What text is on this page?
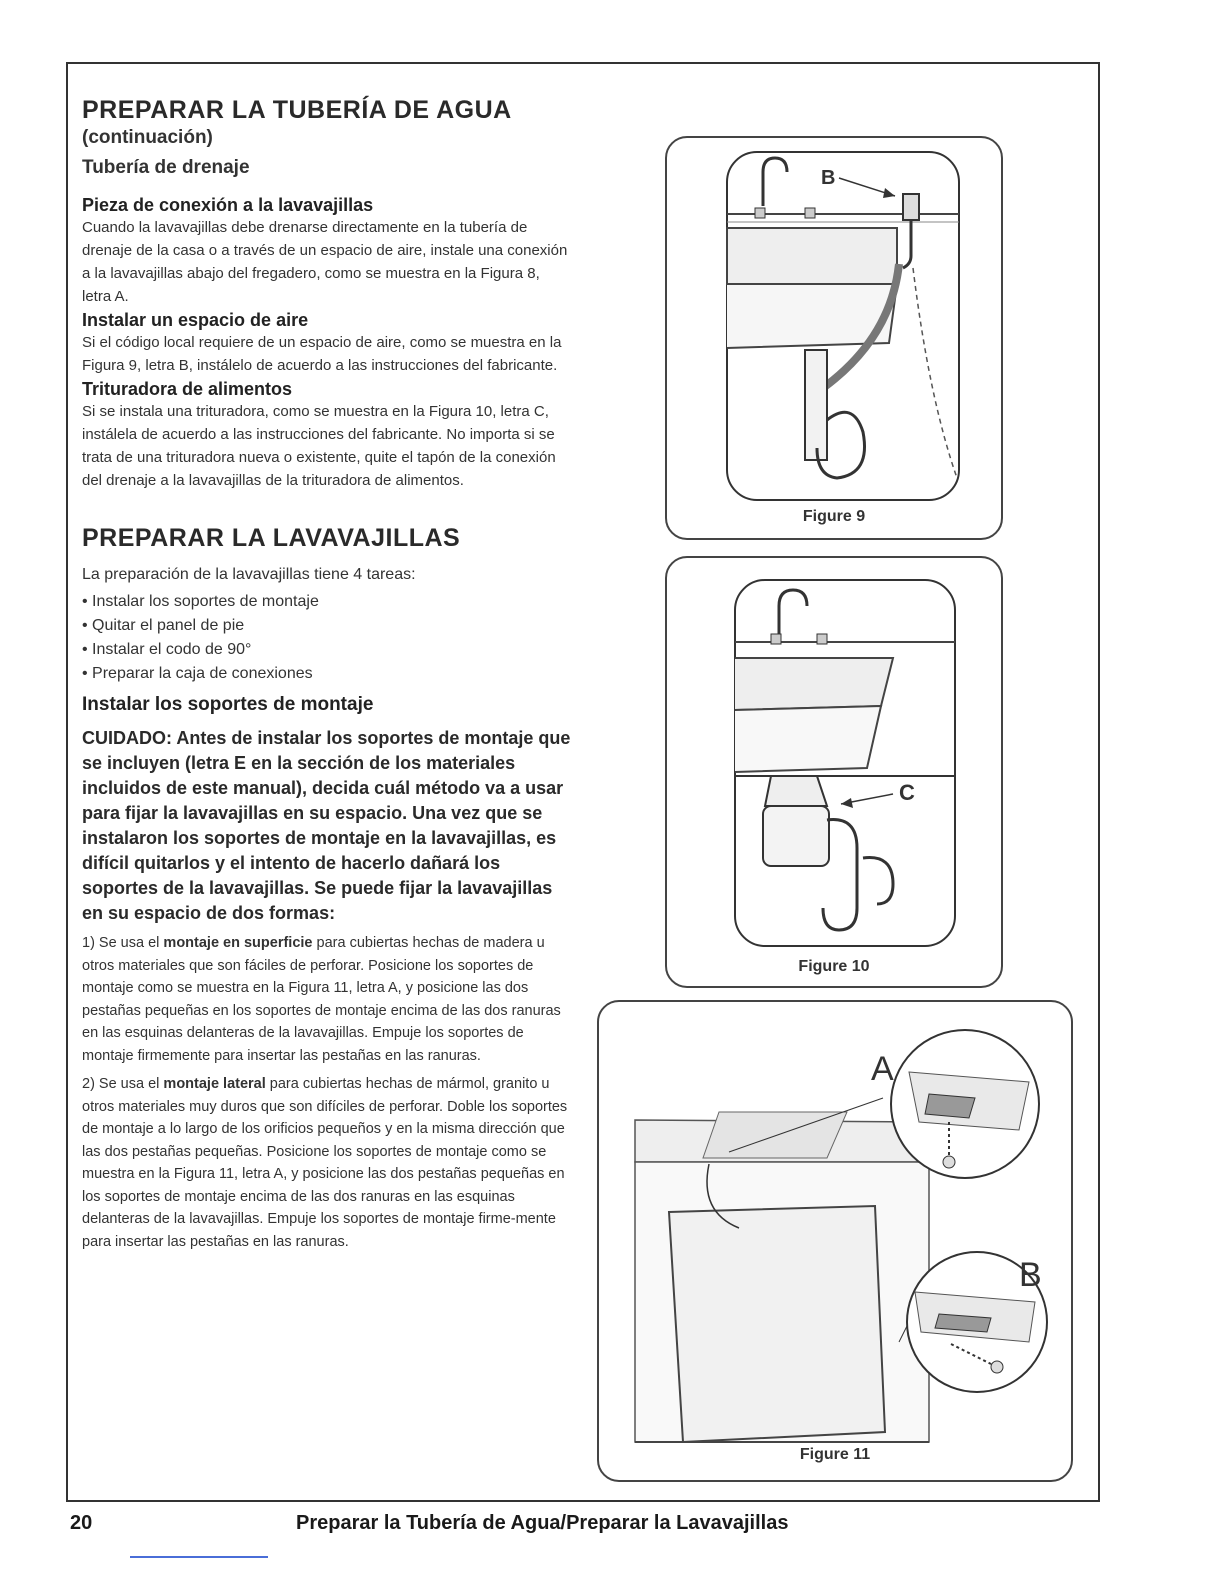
PREPARAR LA TUBERÍA DE AGUA
(continuación)
Tubería de drenaje
Pieza de conexión a la lavavajillas

Cuando la lavavajillas debe drenarse directamente en la tubería de drenaje de la casa o a través de un espacio de aire, instale una conexión a la lavavajillas abajo del fregadero, como se muestra en la Figura 8, letra A.

Instalar un espacio de aire

Si el código local requiere de un espacio de aire, como se muestra en la Figura 9, letra B, instálelo de acuerdo a las instrucciones del fabricante.

Trituradora de alimentos

Si se instala una trituradora, como se muestra en la Figura 10, letra C, instálela de acuerdo a las instrucciones del fabricante. No importa si se trata de una trituradora nueva o existente, quite el tapón de la conexión del drenaje a la lavavajillas de la trituradora de alimentos.

PREPARAR LA LAVAVAJILLAS

La preparación de la lavavajillas tiene 4 tareas:

• Instalar los soportes de montaje
• Quitar el panel de pie
• Instalar el codo de 90°
• Preparar la caja de conexiones
Instalar los soportes de montaje
CUIDADO: Antes de instalar los soportes de montaje que se incluyen (letra E en la sección de los materiales incluidos de este manual), decida cuál método va a usar para fijar la lavavajillas en su espacio. Una vez que se instalaron los soportes de montaje en la lavavajillas, es difícil quitarlos y el intento de hacerlo dañará los soportes de la lavavajillas. Se puede fijar la lavavajillas en su espacio de dos formas:

1) Se usa el montaje en superficie para cubiertas hechas de madera u otros materiales que son fáciles de perforar. Posicione los soportes de montaje como se muestra en la Figura 11, letra A, y posicione las dos pestañas pequeñas en los soportes de montaje encima de las dos ranuras en las esquinas delanteras de la lavavajillas. Empuje los soportes de montaje firmemente para insertar las pestañas en las ranuras.

2) Se usa el montaje lateral para cubiertas hechas de mármol, granito u otros materiales muy duros que son difíciles de perforar. Doble los soportes de montaje a lo largo de los orificios pequeños y en la misma dirección que las dos pestañas pequeñas. Posicione los soportes de montaje como se muestra en la Figura 11, letra A, y posicione las dos pestañas pequeñas en los soportes de montaje encima de las dos ranuras en las esquinas delanteras de la lavavajillas. Empuje los soportes de montaje firme-mente para insertar las pestañas en las ranuras.

B
Figure 9
C
Figure 10
A
B
Figure 11
20	Preparar la Tubería de Agua/Preparar la Lavavajillas
